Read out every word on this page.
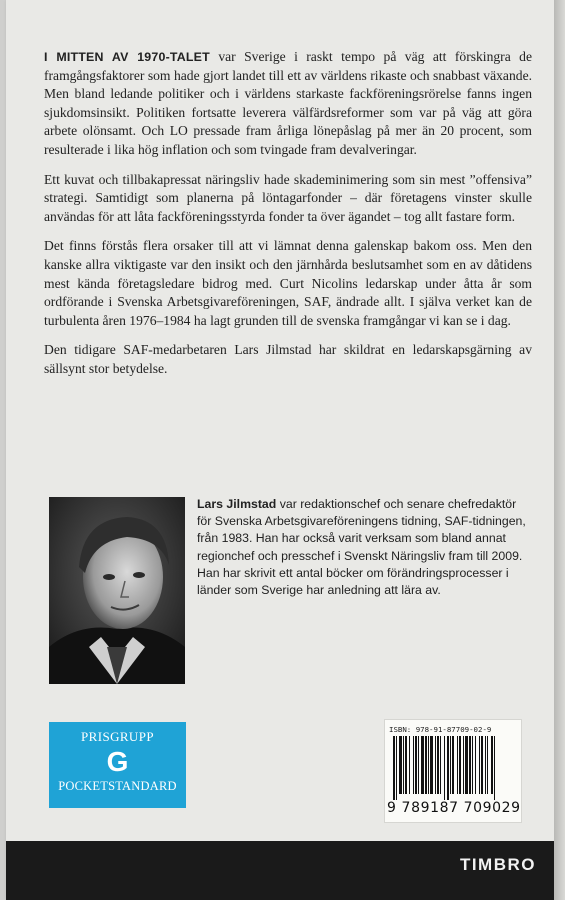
I MITTEN AV 1970-TALET var Sverige i raskt tempo på väg att förskingra de framgångsfaktorer som hade gjort landet till ett av världens rikaste och snabbast växande. Men bland ledande politiker och i världens starkaste fackföreningsrörelse fanns ingen sjukdomsinsikt. Politiken fortsatte leverera välfärdsreformer som var på väg att göra arbete olönsamt. Och LO pressade fram årliga lönepåslag på mer än 20 procent, som resulterade i lika hög inflation och som tvingade fram devalveringar.

Ett kuvat och tillbakapressat näringsliv hade skademinimering som sin mest ”offensiva” strategi. Samtidigt som planerna på löntagarfonder – där företagens vinster skulle användas för att låta fackföreningsstyrda fonder ta över ägandet – tog allt fastare form.

Det finns förstås flera orsaker till att vi lämnat denna galenskap bakom oss. Men den kanske allra viktigaste var den insikt och den järnhårda beslutsamhet som en av dåtidens mest kända företagsledare bidrog med. Curt Nicolins ledarskap under åtta år som ordförande i Svenska Arbetsgivareföreningen, SAF, ändrade allt. I själva verket kan de turbulenta åren 1976–1984 ha lagt grunden till de svenska framgångar vi kan se i dag.

Den tidigare SAF-medarbetaren Lars Jilmstad har skildrat en ledarskapsgärning av sällsynt stor betydelse.

Lars Jilmstad var redaktionschef och senare chefredaktör för Svenska Arbetsgivareföreningens tidning, SAF-tidningen, från 1983. Han har också varit verksam som bland annat regionchef och presschef i Svenskt Näringsliv fram till 2009. Han har skrivit ett antal böcker om förändringsprocesser i länder som Sverige har anledning att lära av.
PRISGRUPP
G
POCKETSTANDARD
ISBN: 978-91-87709-02-9
9 789187 709029
TIMBRO
